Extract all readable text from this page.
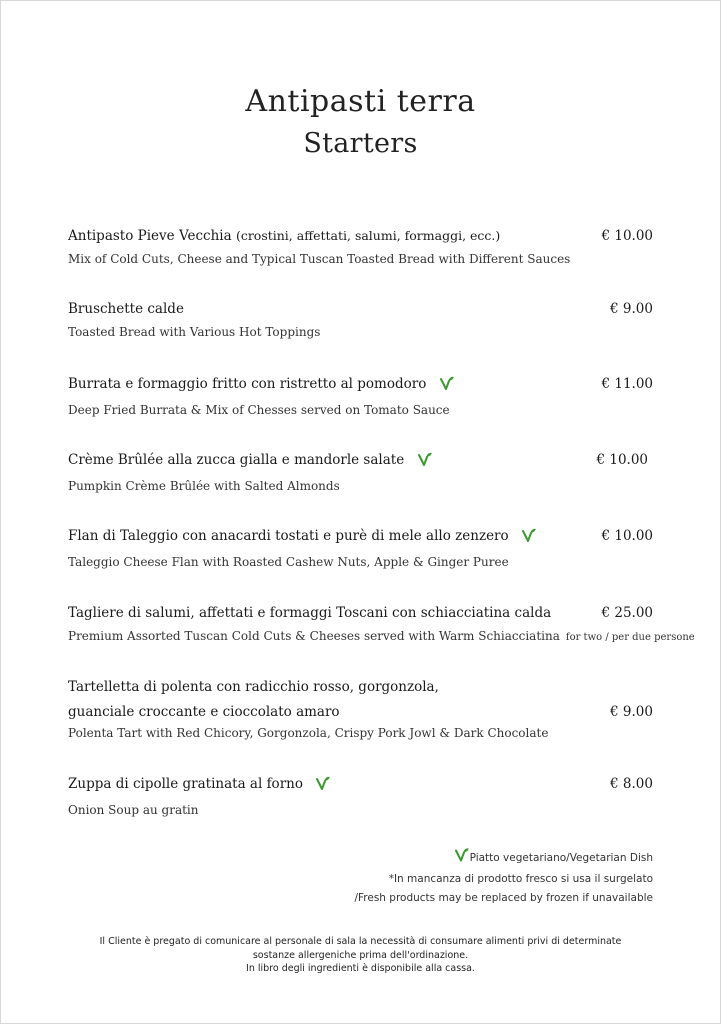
Antipasti terra
Starters
Antipasto Pieve Vecchia (crostini, affettati, salumi, formaggi, ecc.)	€ 10.00
Mix of Cold Cuts, Cheese and Typical Tuscan Toasted Bread with Different Sauces
Bruschette calde	€ 9.00
Toasted Bread with Various Hot Toppings
Burrata e formaggio fritto con ristretto al pomodoro	€ 11.00
Deep Fried Burrata & Mix of Chesses served on Tomato Sauce
Crème Brûlée alla zucca gialla e mandorle salate	€ 10.00
Pumpkin Crème Brûlée with Salted Almonds
Flan di Taleggio con anacardi tostati e purè di mele allo zenzero	€ 10.00
Taleggio Cheese Flan with Roasted Cashew Nuts, Apple & Ginger Puree
Tagliere di salumi, affettati e formaggi Toscani con schiacciatina calda	€ 25.00
Premium Assorted Tuscan Cold Cuts & Cheeses served with Warm Schiacciatina for two / per due persone
Tartelletta di polenta con radicchio rosso, gorgonzola,
guanciale croccante e cioccolato amaro	€ 9.00
Polenta Tart with Red Chicory, Gorgonzola, Crispy Pork Jowl & Dark Chocolate
Zuppa di cipolle gratinata al forno	€ 8.00
Onion Soup au gratin
Piatto vegetariano/Vegetarian Dish
*In mancanza di prodotto fresco si usa il surgelato
/Fresh products may be replaced by frozen if unavailable
Il Cliente è pregato di comunicare al personale di sala la necessità di consumare alimenti privi di determinate
sostanze allergeniche prima dell'ordinazione.
In libro degli ingredienti è disponibile alla cassa.
